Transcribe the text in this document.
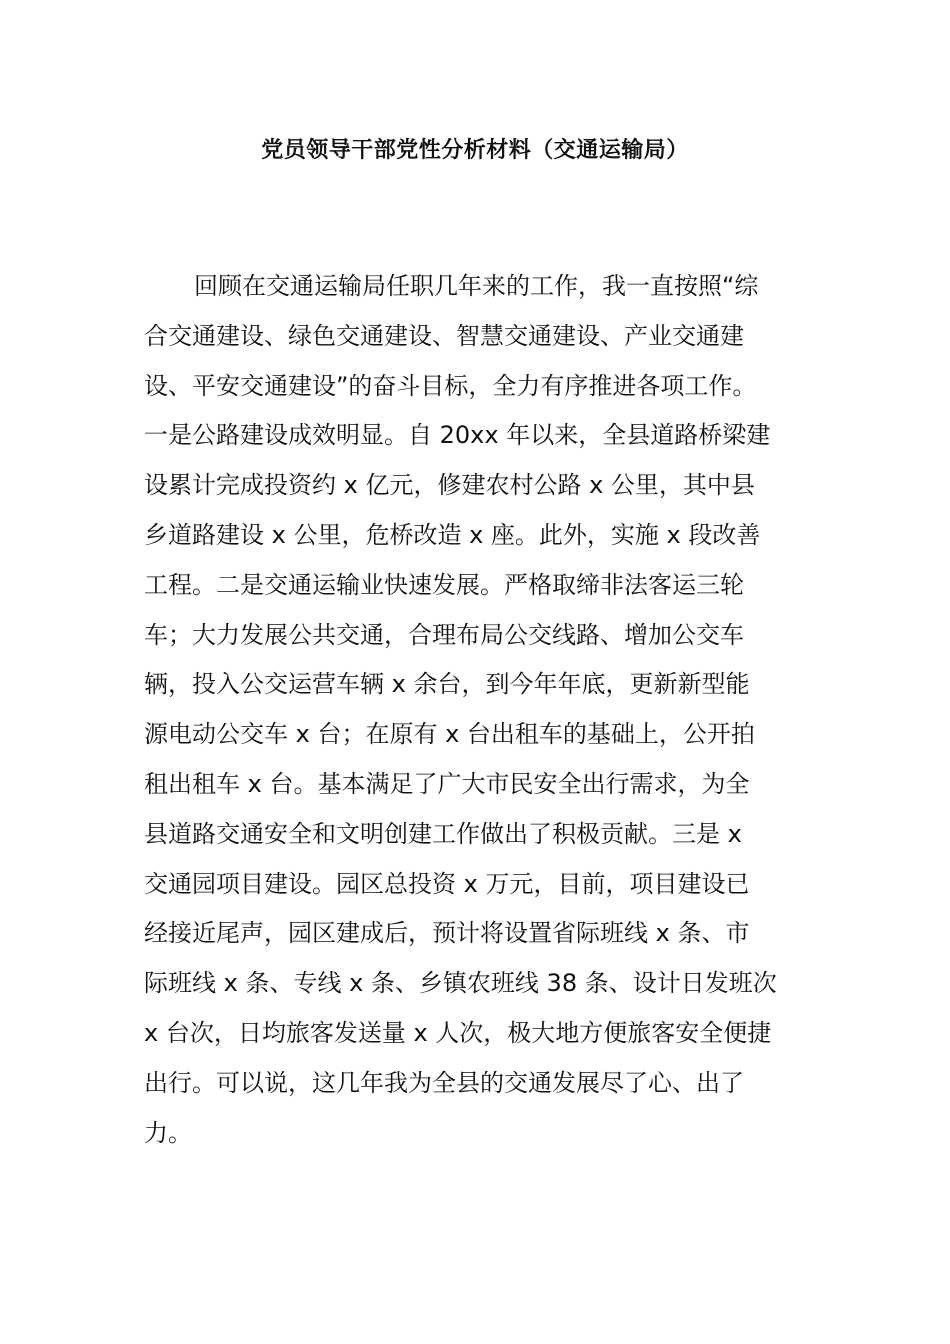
党员领导干部党性分析材料（交通运输局）

回顾在交通运输局任职几年来的工作，我一直按照“综
合交通建设、绿色交通建设、智慧交通建设、产业交通建
设、平安交通建设”的奋斗目标，全力有序推进各项工作。
一是公路建设成效明显。自 20xx 年以来，全县道路桥梁建
设累计完成投资约 x 亿元，修建农村公路 x 公里，其中县
乡道路建设 x 公里，危桥改造 x 座。此外，实施 x 段改善
工程。二是交通运输业快速发展。严格取缔非法客运三轮
车；大力发展公共交通，合理布局公交线路、增加公交车
辆，投入公交运营车辆 x 余台，到今年年底，更新新型能
源电动公交车 x 台；在原有 x 台出租车的基础上，公开拍
租出租车 x 台。基本满足了广大市民安全出行需求，为全
县道路交通安全和文明创建工作做出了积极贡献。三是 x
交通园项目建设。园区总投资 x 万元，目前，项目建设已
经接近尾声，园区建成后，预计将设置省际班线 x 条、市
际班线 x 条、专线 x 条、乡镇农班线 38 条、设计日发班次
x 台次，日均旅客发送量 x 人次，极大地方便旅客安全便捷
出行。可以说，这几年我为全县的交通发展尽了心、出了
力。
